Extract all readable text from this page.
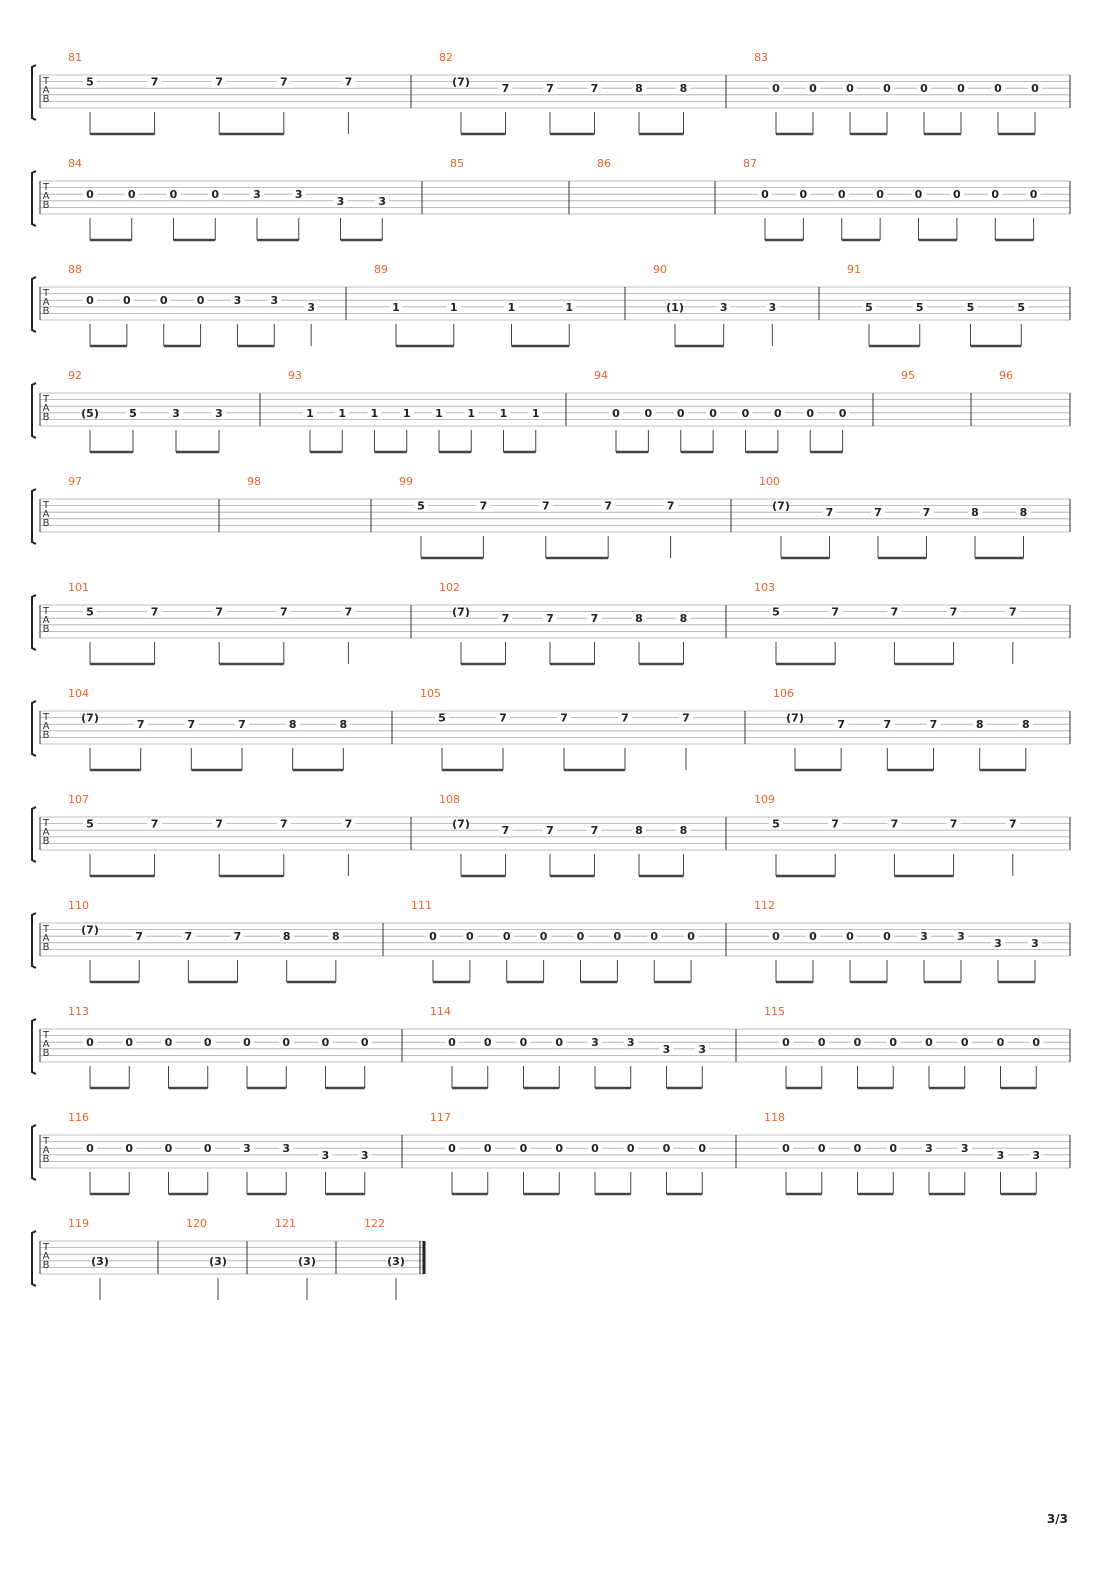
T
A
B
81
5	7	7	7	7
82
(7)
7	7	7	8	8
83
0	0	0	0	0	0	0	0
T
A
B
84
0	0	0	0	3	3
3	3
85	86	87
0	0	0	0	0	0	0	0
T
A
B
88
0	0	0	0	3	3
3
89
1	1	1	1
90
(1)	3	3
91
5	5	5	5
T
A
B
92
(5)	5	3	3
93
1 1 1 1 1 1 1 1
94
0 0 0 0 0 0 0 0
95	96
T
A
B
97	98	99
5	7	7	7	7
100
(7)
7	7	7	8	8
T
A
B
101
5	7	7	7	7
102
(7)
7	7	7	8	8
103
5	7	7	7	7
T
A
B
104
(7)
7	7	7	8	8
105
5	7	7	7	7
106
(7)
7	7	7	8	8
T
A
B
107
5	7	7	7	7
108
(7)
7	7	7	8	8
109
5	7	7	7	7
T
A
B
110
(7)
7	7	7	8	8
111
0	0	0	0	0	0	0	0
112
0	0	0	0	3	3
3	3
T
A
B
113
0	0	0	0	0	0	0	0
114
0	0	0	0	3	3
3	3
115
0	0	0	0	0	0	0	0
T
A
B
116
0	0	0	0	3	3
3	3
117
0	0	0	0	0	0	0	0
118
0	0	0	0	3	3
3	3
T
A
B
119
(3)
120
(3)
121
(3)
122
(3)
3/3
